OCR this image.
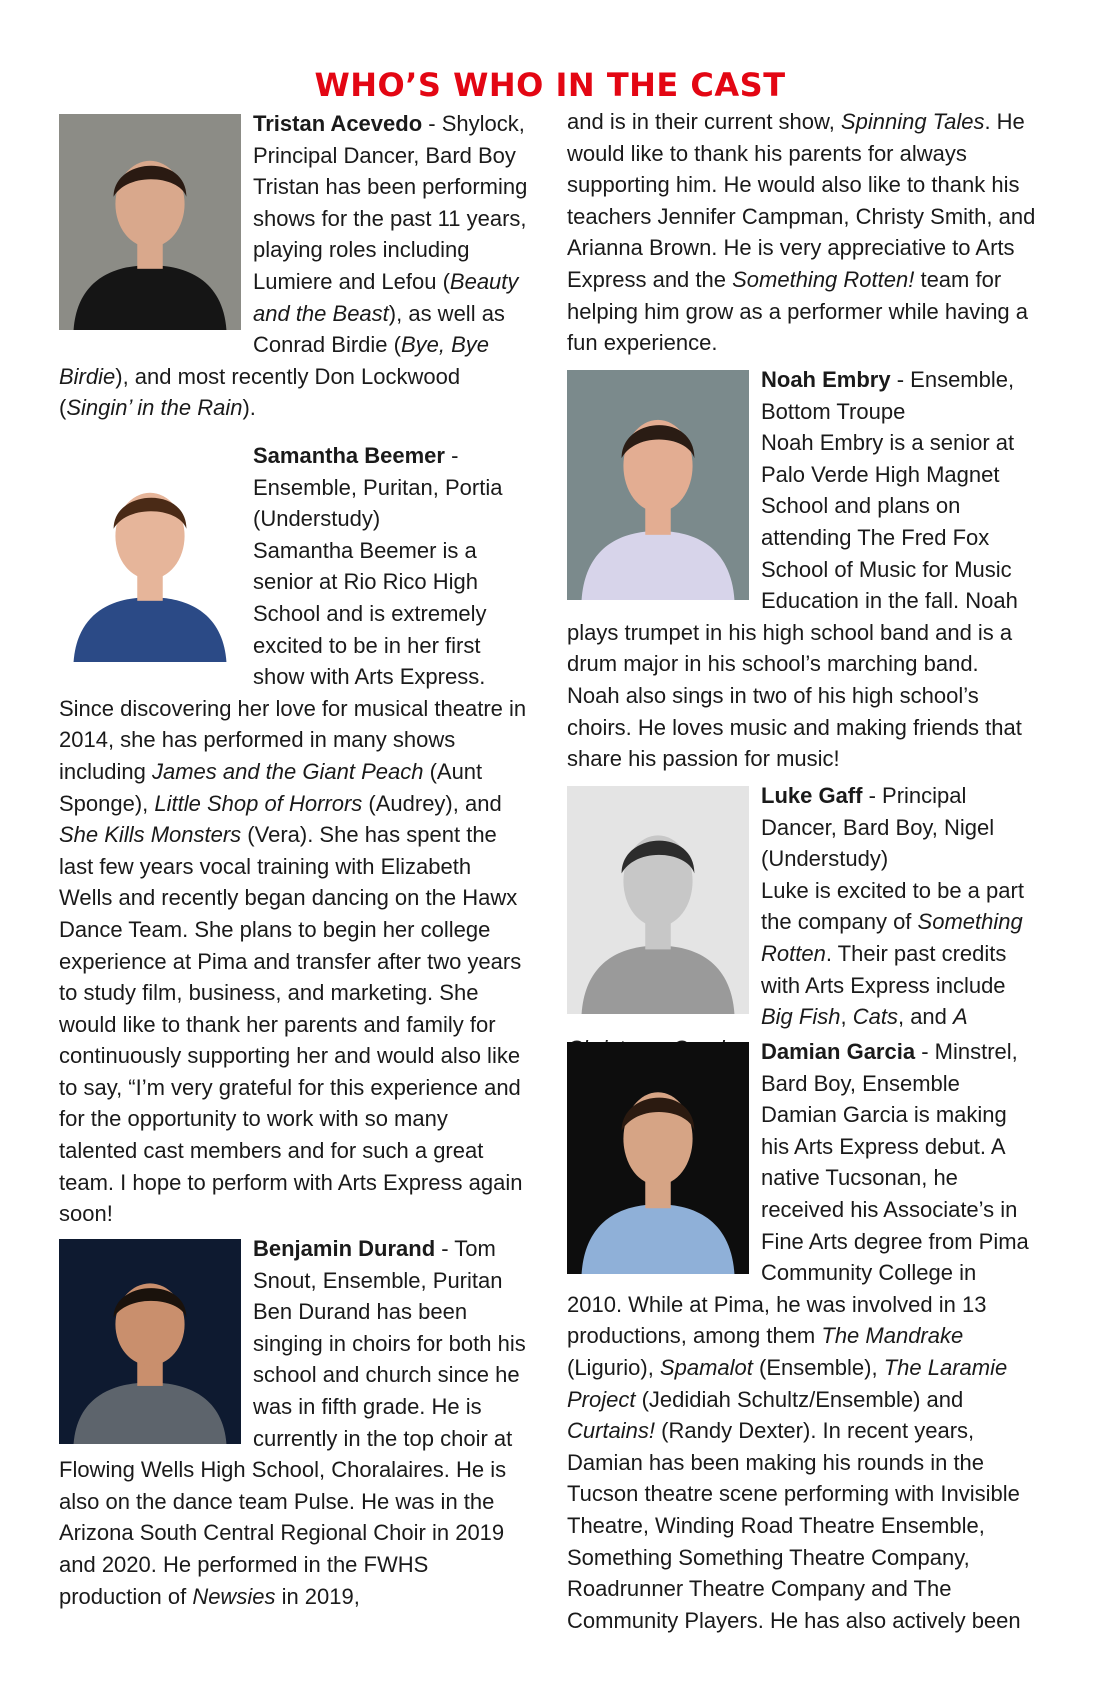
WHO’S WHO IN THE CAST
Tristan Acevedo - Shylock, Principal Dancer, Bard Boy
Tristan has been performing shows for the past 11 years, playing roles including Lumiere and Lefou (Beauty and the Beast), as well as Conrad Birdie (Bye, Bye Birdie), and most recently Don Lockwood (Singin’ in the Rain).
Samantha Beemer - Ensemble, Puritan, Portia (Understudy)
Samantha Beemer is a senior at Rio Rico High School and is extremely excited to be in her first show with Arts Express. Since discovering her love for musical theatre in 2014, she has performed in many shows including James and the Giant Peach (Aunt Sponge), Little Shop of Horrors (Audrey), and She Kills Monsters (Vera). She has spent the last few years vocal training with Elizabeth Wells and recently began dancing on the Hawx Dance Team. She plans to begin her college experience at Pima and transfer after two years to study film, business, and marketing. She would like to thank her parents and family for continuously supporting her and would also like to say, “I’m very grateful for this experience and for the opportunity to work with so many talented cast members and for such a great team. I hope to perform with Arts Express again soon!
Benjamin Durand - Tom Snout, Ensemble, Puritan
Ben Durand has been singing in choirs for both his school and church since he was in fifth grade. He is currently in the top choir at Flowing Wells High School, Choralaires. He is also on the dance team Pulse. He was in the Arizona South Central Regional Choir in 2019 and 2020. He performed in the FWHS production of Newsies in 2019,
and is in their current show, Spinning Tales. He would like to thank his parents for always supporting him. He would also like to thank his teachers Jennifer Campman, Christy Smith, and Arianna Brown. He is very appreciative to Arts Express and the Something Rotten! team for helping him grow as a performer while having a fun experience.
Noah Embry - Ensemble, Bottom Troupe
Noah Embry is a senior at Palo Verde High Magnet School and plans on attending The Fred Fox School of Music for Music Education in the fall. Noah plays trumpet in his high school band and is a drum major in his school’s marching band. Noah also sings in two of his high school’s choirs. He loves music and making friends that share his passion for music!
Luke Gaff - Principal Dancer, Bard Boy, Nigel (Understudy)
Luke is excited to be a part the company of Something Rotten. Their past credits with Arts Express include Big Fish, Cats, and A
Damian Garcia - Minstrel, Bard Boy, Ensemble
Damian Garcia is making his Arts Express debut. A native Tucsonan, he received his Associate’s in Fine Arts degree from Pima Community College in 2010. While at Pima, he was involved in 13 productions, among them The Mandrake (Ligurio), Spamalot (Ensemble), The Laramie Project (Jedidiah Schultz/Ensemble) and Curtains! (Randy Dexter). In recent years, Damian has been making his rounds in the Tucson theatre scene performing with Invisible Theatre, Winding Road Theatre Ensemble, Something Something Theatre Company, Roadrunner Theatre Company and The Community Players. He has also actively been
